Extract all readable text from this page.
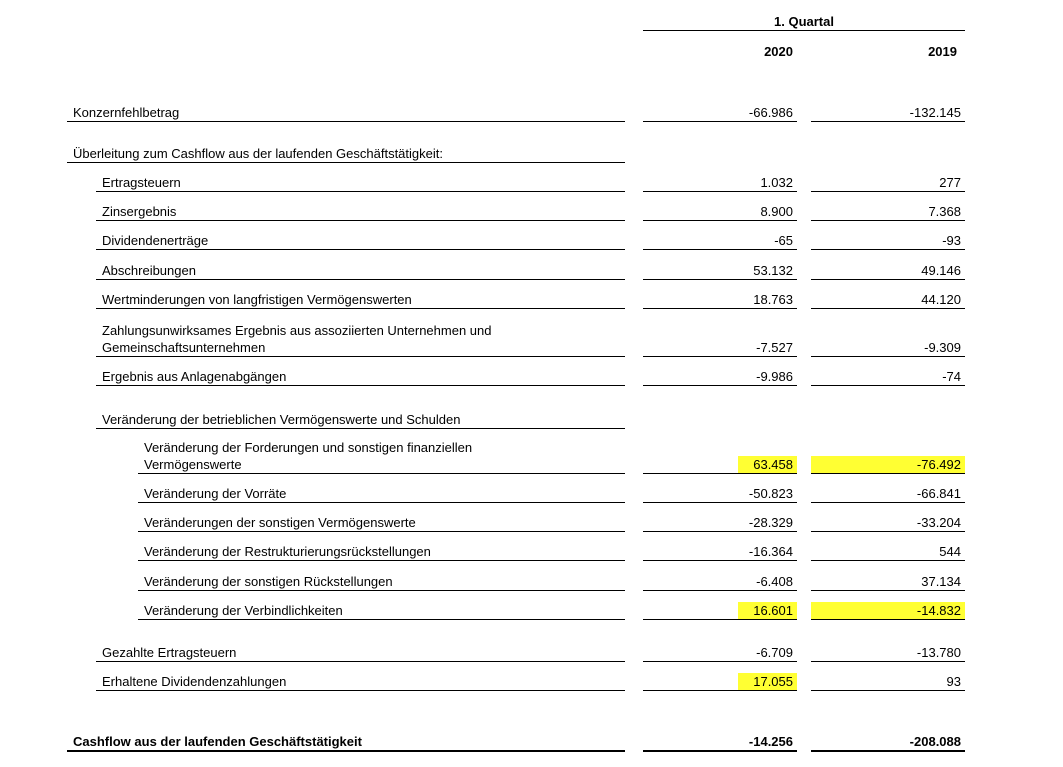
1. Quartal
2020	2019
Konzernfehlbetrag	-66.986	-132.145
Überleitung zum Cashflow aus der laufenden Geschäftstätigkeit:
Ertragsteuern	1.032	277
Zinsergebnis	8.900	7.368
Dividendenerträge	-65	-93
Abschreibungen	53.132	49.146
Wertminderungen von langfristigen Vermögenswerten	18.763	44.120
Zahlungsunwirksames Ergebnis aus assoziierten Unternehmen und
Gemeinschaftsunternehmen	-7.527	-9.309
Ergebnis aus Anlagenabgängen	-9.986	-74
Veränderung der betrieblichen Vermögenswerte und Schulden
Veränderung der Forderungen und sonstigen finanziellen
Vermögenswerte	63.458	-76.492
Veränderung der Vorräte	-50.823	-66.841
Veränderungen der sonstigen Vermögenswerte	-28.329	-33.204
Veränderung der Restrukturierungsrückstellungen	-16.364	544
Veränderung der sonstigen Rückstellungen	-6.408	37.134
Veränderung der Verbindlichkeiten	16.601	-14.832
Gezahlte Ertragsteuern	-6.709	-13.780
Erhaltene Dividendenzahlungen	17.055	93
Cashflow aus der laufenden Geschäftstätigkeit	-14.256	-208.088
